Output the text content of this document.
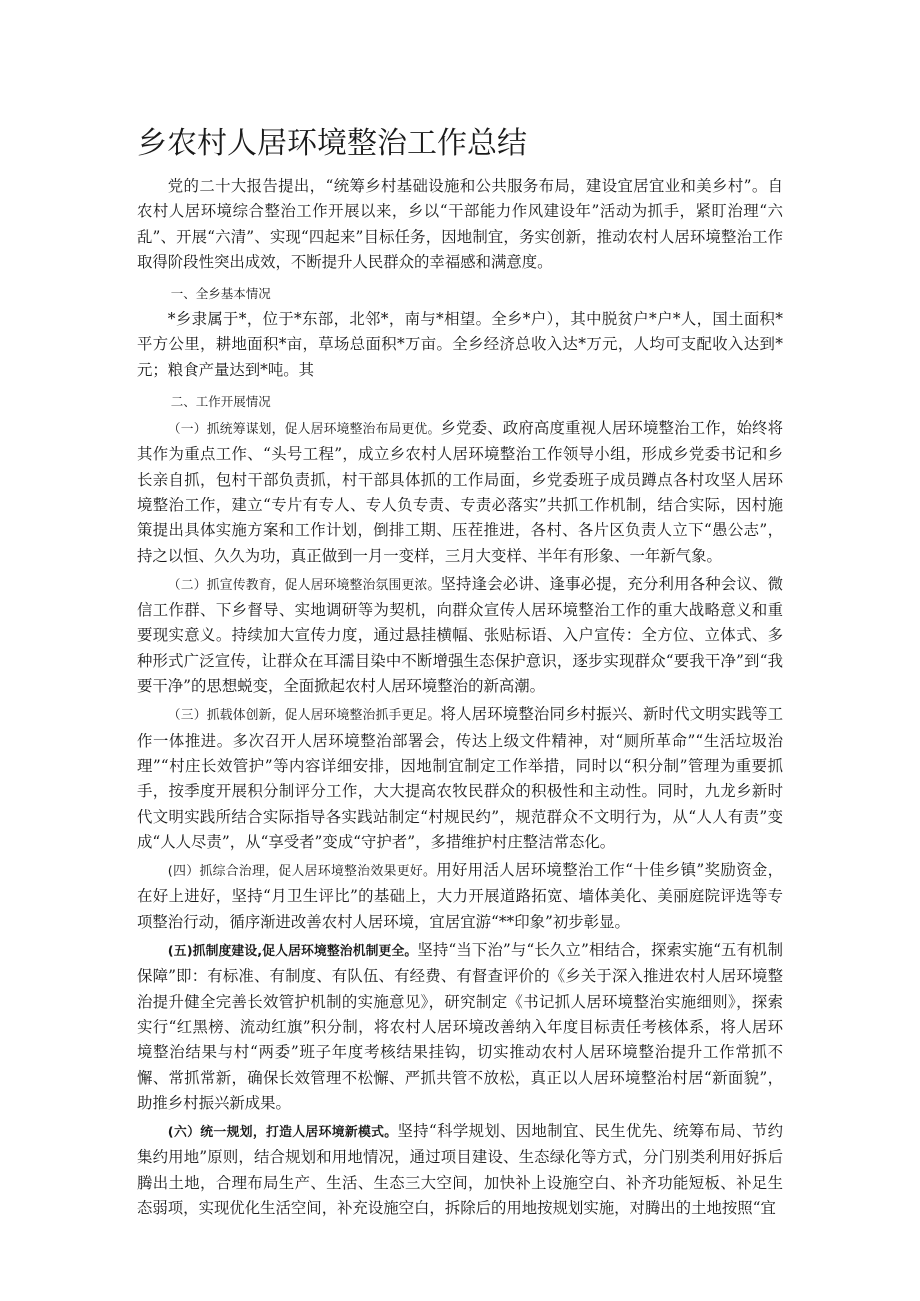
乡农村人居环境整治工作总结

党的二十大报告提出，“统筹乡村基础设施和公共服务布局，建设宜居宜业和美乡村”。自农村人居环境综合整治工作开展以来，乡以“干部能力作风建设年”活动为抓手，紧盯治理“六乱”、开展“六清”、实现“四起来”目标任务，因地制宜，务实创新，推动农村人居环境整治工作取得阶段性突出成效，不断提升人民群众的幸福感和满意度。

一、全乡基本情况

*乡隶属于*，位于*东部，北邻*，南与*相望。全乡*户），其中脱贫户*户*人，国土面积*平方公里，耕地面积*亩，草场总面积*万亩。全乡经济总收入达*万元，人均可支配收入达到*元；粮食产量达到*吨。其

二、工作开展情况

（一）抓统筹谋划，促人居环境整治布局更优。乡党委、政府高度重视人居环境整治工作，始终将其作为重点工作、“头号工程”，成立乡农村人居环境整治工作领导小组，形成乡党委书记和乡长亲自抓，包村干部负责抓，村干部具体抓的工作局面，乡党委班子成员蹲点各村攻坚人居环境整治工作，建立“专片有专人、专人负专责、专责必落实”共抓工作机制，结合实际，因村施策提出具体实施方案和工作计划，倒排工期、压茬推进，各村、各片区负责人立下“愚公志”，持之以恒、久久为功，真正做到一月一变样，三月大变样、半年有形象、一年新气象。

（二）抓宣传教育，促人居环境整治氛围更浓。坚持逢会必讲、逢事必提，充分利用各种会议、微信工作群、下乡督导、实地调研等为契机，向群众宣传人居环境整治工作的重大战略意义和重要现实意义。持续加大宣传力度，通过悬挂横幅、张贴标语、入户宣传：全方位、立体式、多种形式广泛宣传，让群众在耳濡目染中不断增强生态保护意识，逐步实现群众“要我干净”到“我要干净”的思想蜕变，全面掀起农村人居环境整治的新高潮。

（三）抓载体创新，促人居环境整治抓手更足。将人居环境整治同乡村振兴、新时代文明实践等工作一体推进。多次召开人居环境整治部署会，传达上级文件精神，对“厕所革命”“生活垃圾治理”“村庄长效管护”等内容详细安排，因地制宜制定工作举措，同时以“积分制”管理为重要抓手，按季度开展积分制评分工作，大大提高农牧民群众的积极性和主动性。同时，九龙乡新时代文明实践所结合实际指导各实践站制定“村规民约”，规范群众不文明行为，从“人人有责”变成“人人尽责”，从“享受者”变成“守护者”，多措维护村庄整洁常态化。

(四）抓综合治理，促人居环境整治效果更好。用好用活人居环境整治工作“十佳乡镇”奖励资金，在好上进好，坚持“月卫生评比”的基础上，大力开展道路拓宽、墙体美化、美丽庭院评选等专项整治行动，循序渐进改善农村人居环境，宜居宜游“**印象”初步彰显。

(五)抓制度建设,促人居环境整治机制更全。坚持“当下治”与“长久立”相结合，探索实施“五有机制保障”即：有标准、有制度、有队伍、有经费、有督查评价的《乡关于深入推进农村人居环境整治提升健全完善长效管护机制的实施意见》，研究制定《书记抓人居环境整治实施细则》，探索实行“红黑榜、流动红旗”积分制，将农村人居环境改善纳入年度目标责任考核体系，将人居环境整治结果与村“两委”班子年度考核结果挂钩，切实推动农村人居环境整治提升工作常抓不懈、常抓常新，确保长效管理不松懈、严抓共管不放松，真正以人居环境整治村居“新面貌”，助推乡村振兴新成果。

(六）统一规划，打造人居环境新模式。坚持“科学规划、因地制宜、民生优先、统筹布局、节约集约用地”原则，结合规划和用地情况，通过项目建设、生态绿化等方式，分门别类利用好拆后腾出土地，合理布局生产、生活、生态三大空间，加快补上设施空白、补齐功能短板、补足生态弱项，实现优化生活空间，补充设施空白，拆除后的用地按规划实施，对腾出的土地按照“宜
